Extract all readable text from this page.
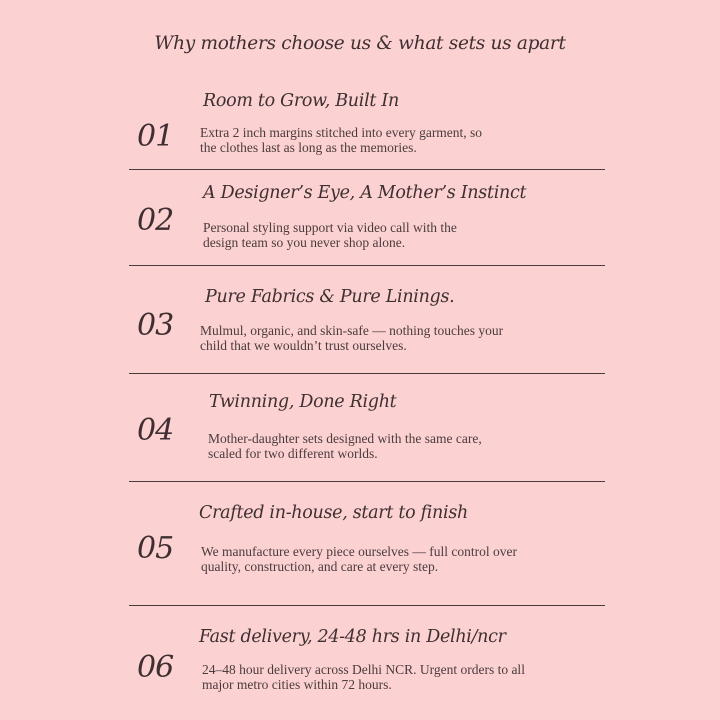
Why mothers choose us & what sets us apart
Room to Grow, Built In
01 Extra 2 inch margins stitched into every garment, so the clothes last as long as the memories.
A Designer’s Eye, A Mother’s Instinct
02 Personal styling support via video call with the design team so you never shop alone.
Pure Fabrics & Pure Linings.
03 Mulmul, organic, and skin-safe — nothing touches your child that we wouldn’t trust ourselves.
Twinning, Done Right
04	Mother-daughter sets designed with the same care, scaled for two different worlds.
Crafted in-house, start to finish
05 We manufacture every piece ourselves — full control over quality, construction, and care at every step.
Fast delivery, 24-48 hrs in Delhi/ncr
06 24–48 hour delivery across Delhi NCR. Urgent orders to all major metro cities within 72 hours.
